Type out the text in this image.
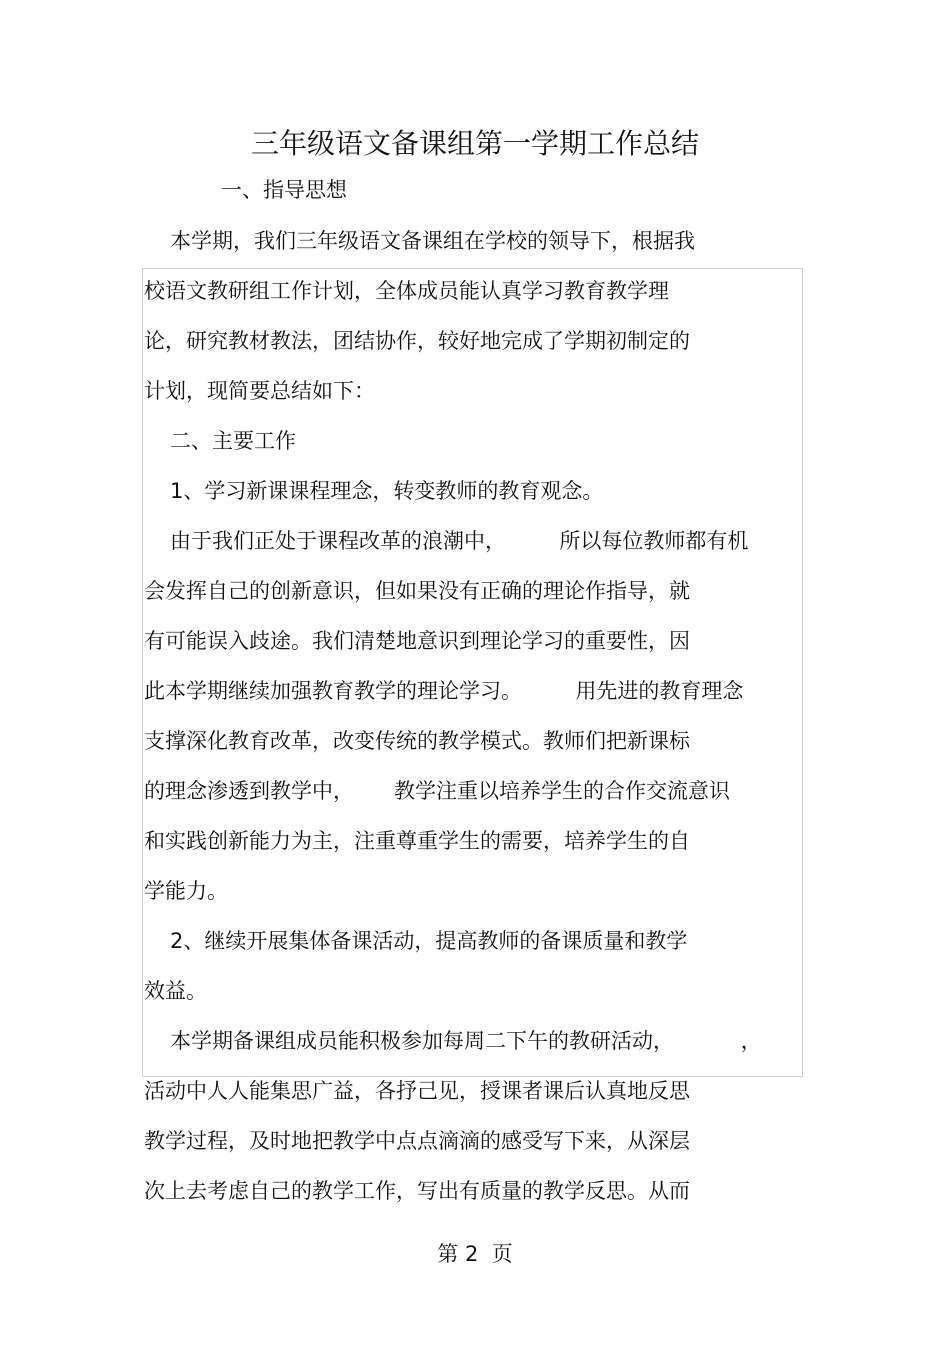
三年级语文备课组第一学期工作总结
一、指导思想
本学期，我们三年级语文备课组在学校的领导下，根据我
校语文教研组工作计划，全体成员能认真学习教育教学理
论，研究教材教法，团结协作，较好地完成了学期初制定的
计划，现简要总结如下：
二、主要工作
1、学习新课课程理念，转变教师的教育观念。
由于我们正处于课程改革的浪潮中，        所以每位教师都有机
会发挥自己的创新意识，但如果没有正确的理论作指导，就
有可能误入歧途。我们清楚地意识到理论学习的重要性，因
此本学期继续加强教育教学的理论学习。        用先进的教育理念
支撑深化教育改革，改变传统的教学模式。教师们把新课标
的理念渗透到教学中，      教学注重以培养学生的合作交流意识
和实践创新能力为主，注重尊重学生的需要，培养学生的自
学能力。
2、继续开展集体备课活动，提高教师的备课质量和教学
效益。
本学期备课组成员能积极参加每周二下午的教研活动，          ，
活动中人人能集思广益，各抒己见，授课者课后认真地反思
教学过程，及时地把教学中点点滴滴的感受写下来，从深层
次上去考虑自己的教学工作，写出有质量的教学反思。从而
第 2  页
